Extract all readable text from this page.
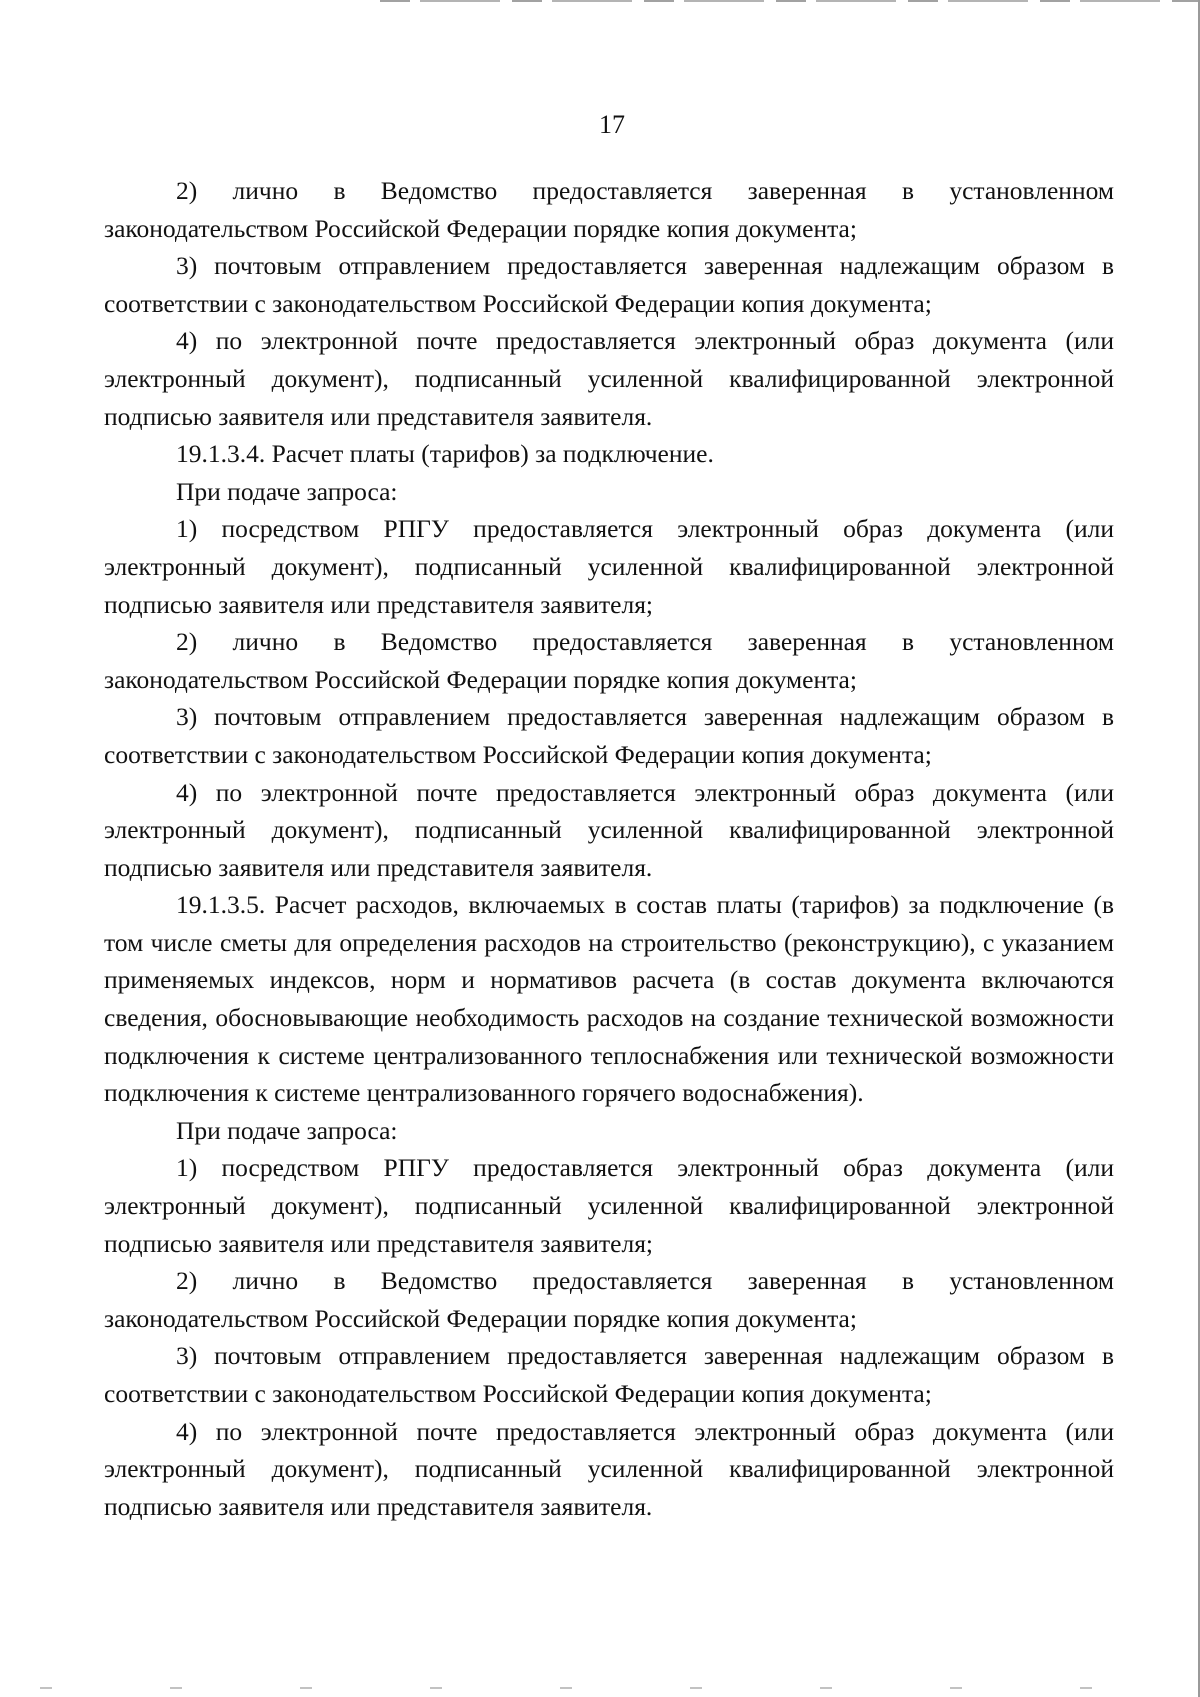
17

2) лично в Ведомство предоставляется заверенная в установленном законодательством Российской Федерации порядке копия документа;

3) почтовым отправлением предоставляется заверенная надлежащим образом в соответствии с законодательством Российской Федерации копия документа;

4) по электронной почте предоставляется электронный образ документа (или электронный документ), подписанный усиленной квалифицированной электронной подписью заявителя или представителя заявителя.

19.1.3.4. Расчет платы (тарифов) за подключение.

При подаче запроса:

1) посредством РПГУ предоставляется электронный образ документа (или электронный документ), подписанный усиленной квалифицированной электронной подписью заявителя или представителя заявителя;

2) лично в Ведомство предоставляется заверенная в установленном законодательством Российской Федерации порядке копия документа;

3) почтовым отправлением предоставляется заверенная надлежащим образом в соответствии с законодательством Российской Федерации копия документа;

4) по электронной почте предоставляется электронный образ документа (или электронный документ), подписанный усиленной квалифицированной электронной подписью заявителя или представителя заявителя.

19.1.3.5. Расчет расходов, включаемых в состав платы (тарифов) за подключение (в том числе сметы для определения расходов на строительство (реконструкцию), с указанием применяемых индексов, норм и нормативов расчета (в состав документа включаются сведения, обосновывающие необходимость расходов на создание технической возможности подключения к системе централизованного теплоснабжения или технической возможности подключения к системе централизованного горячего водоснабжения).

При подаче запроса:

1) посредством РПГУ предоставляется электронный образ документа (или электронный документ), подписанный усиленной квалифицированной электронной подписью заявителя или представителя заявителя;

2) лично в Ведомство предоставляется заверенная в установленном законодательством Российской Федерации порядке копия документа;

3) почтовым отправлением предоставляется заверенная надлежащим образом в соответствии с законодательством Российской Федерации копия документа;

4) по электронной почте предоставляется электронный образ документа (или электронный документ), подписанный усиленной квалифицированной электронной подписью заявителя или представителя заявителя.
